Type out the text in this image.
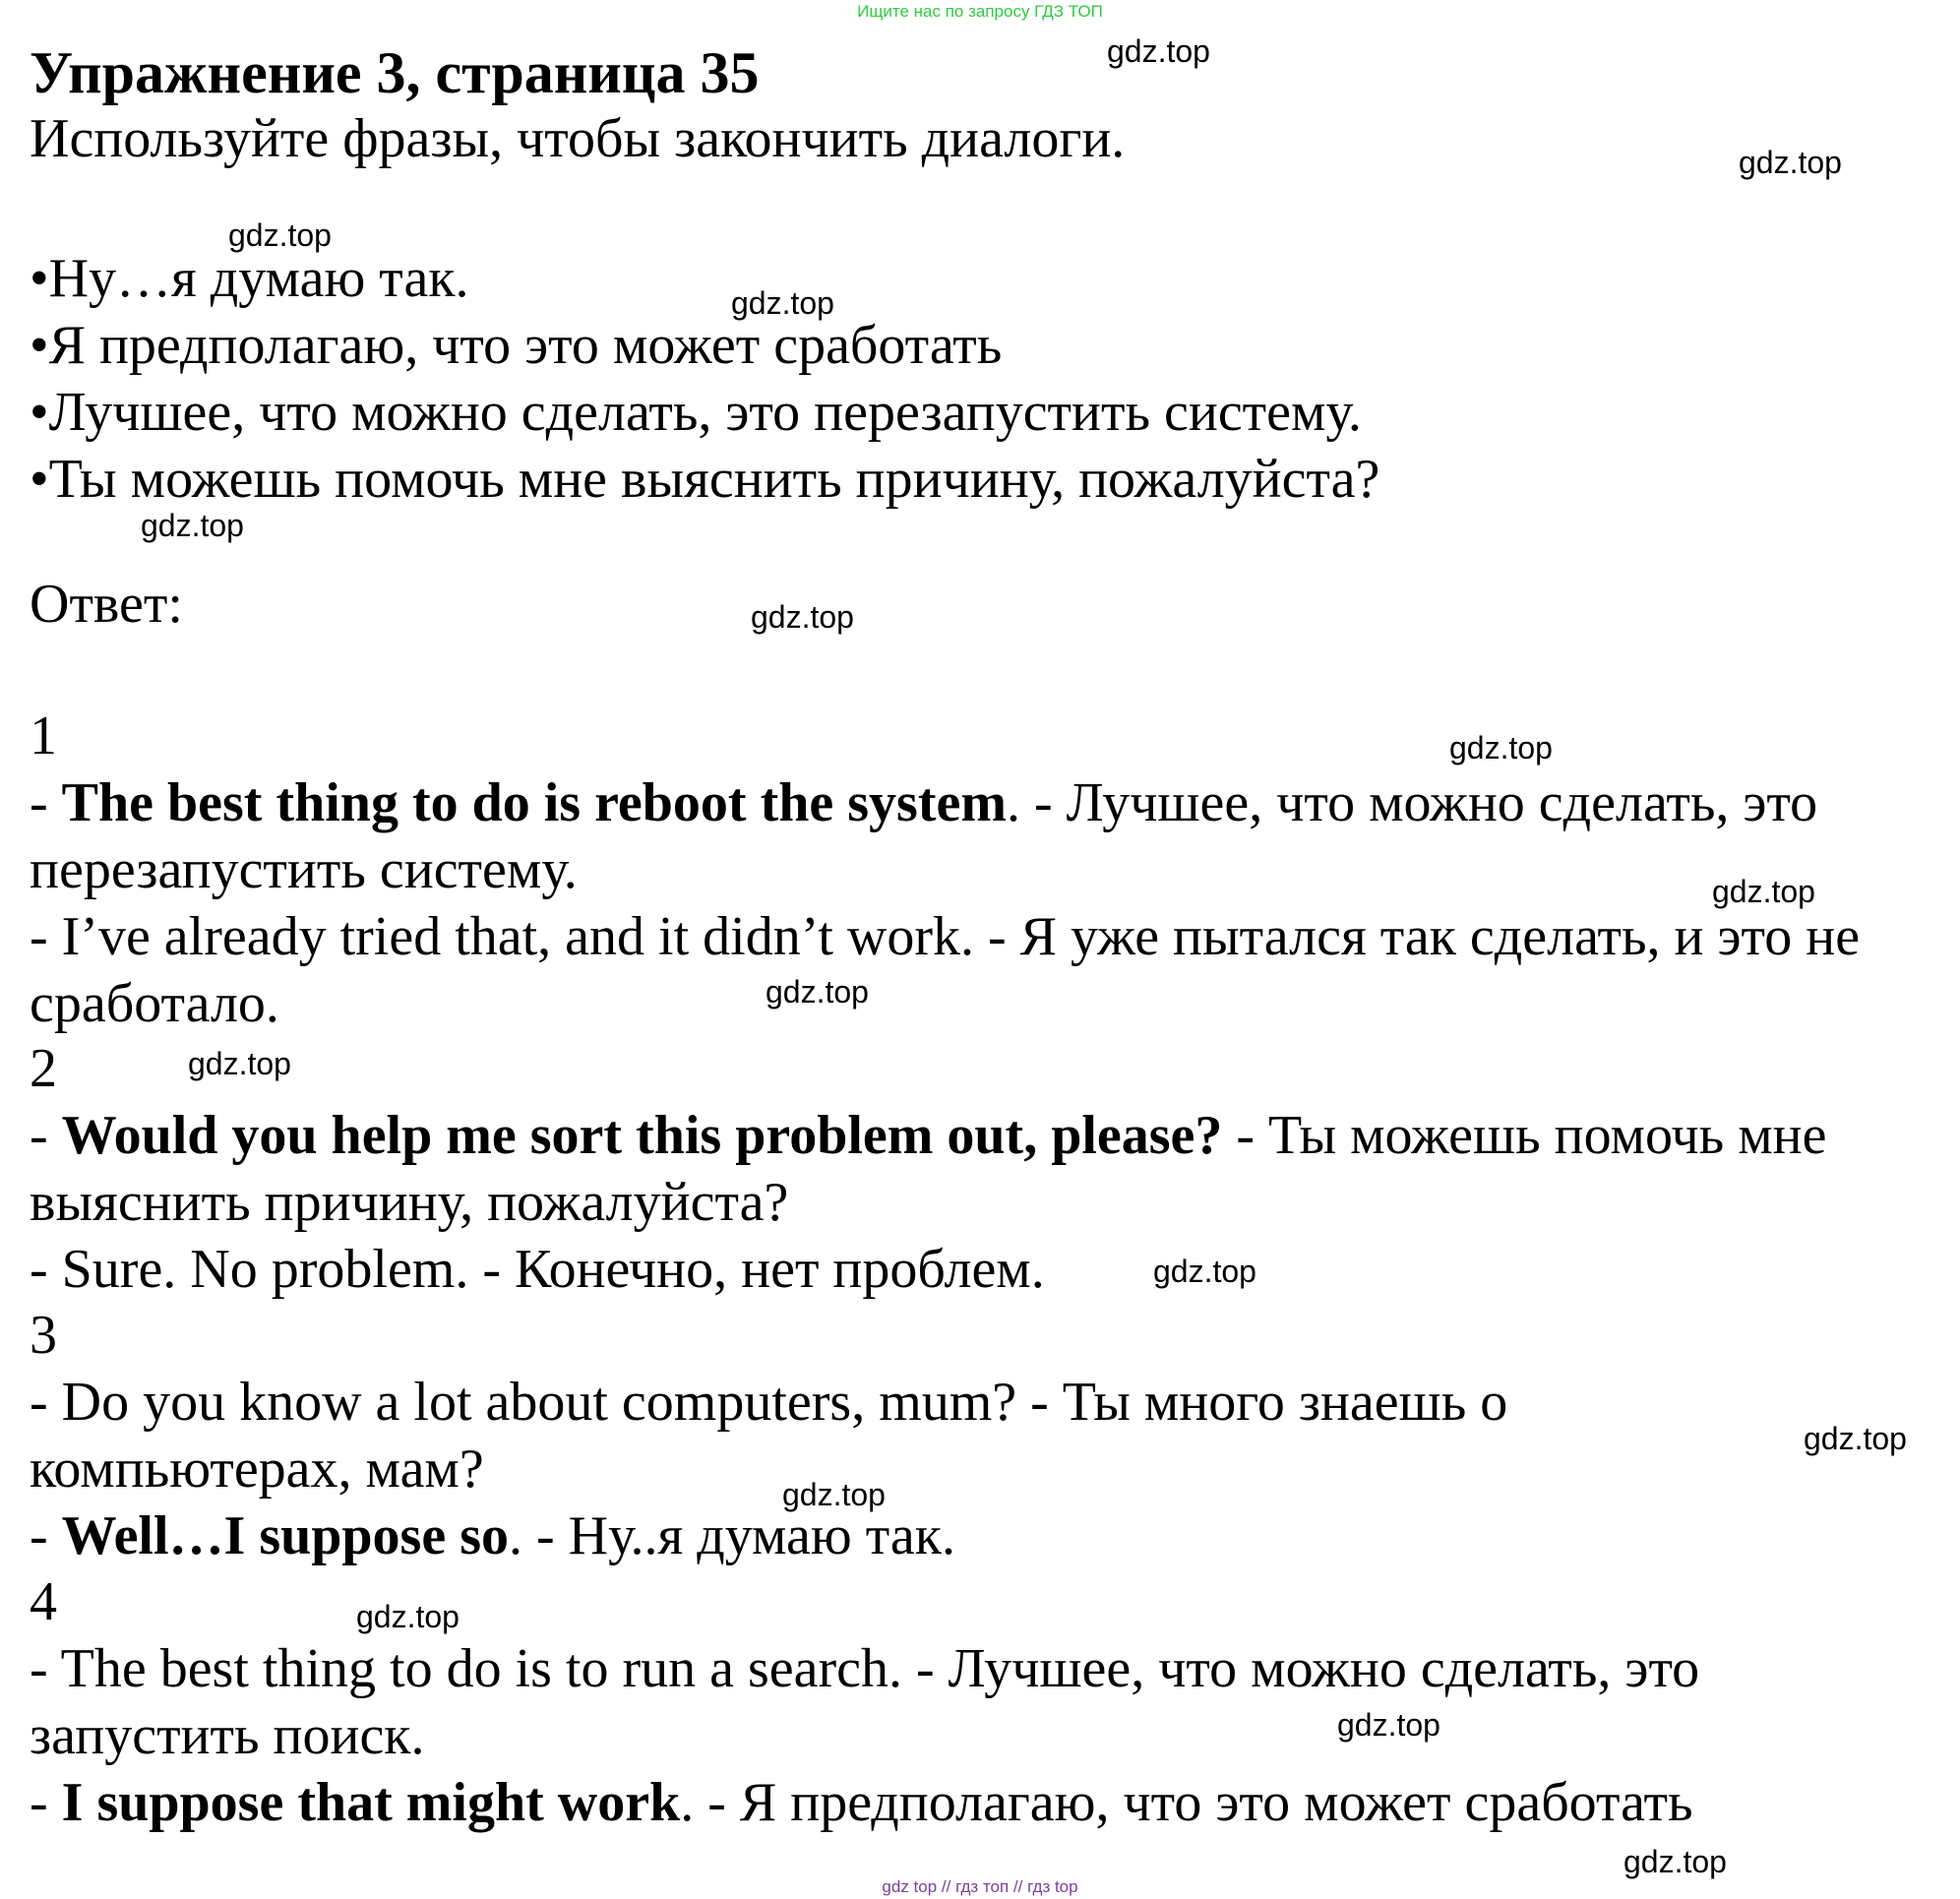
Ищите нас по запросу ГДЗ ТОП
Упражнение 3, страница 35
Используйте фразы, чтобы закончить диалоги.
•Ну…я думаю так.
•Я предполагаю, что это может сработать
•Лучшее, что можно сделать, это перезапустить систему.
•Ты можешь помочь мне выяснить причину, пожалуйста?
Ответ:
1
- The best thing to do is reboot the system. - Лучшее, что можно сделать, это перезапустить систему.
- I’ve already tried that, and it didn’t work. - Я уже пытался так сделать, и это не сработало.
2
- Would you help me sort this problem out, please? - Ты можешь помочь мне выяснить причину, пожалуйста?
- Sure. No problem. - Конечно, нет проблем.
3
- Do you know a lot about computers, mum? - Ты много знаешь о компьютерах, мам?
- Well…I suppose so. - Ну..я думаю так.
4
- The best thing to do is to run a search. - Лучшее, что можно сделать, это запустить поиск.
- I suppose that might work. - Я предполагаю, что это может сработать
gdz.top
gdz.top
gdz.top
gdz.top
gdz.top
gdz.top
gdz.top
gdz.top
gdz.top
gdz.top
gdz.top
gdz.top
gdz.top
gdz.top
gdz.top
gdz.top
gdz top // гдз топ // гдз top
